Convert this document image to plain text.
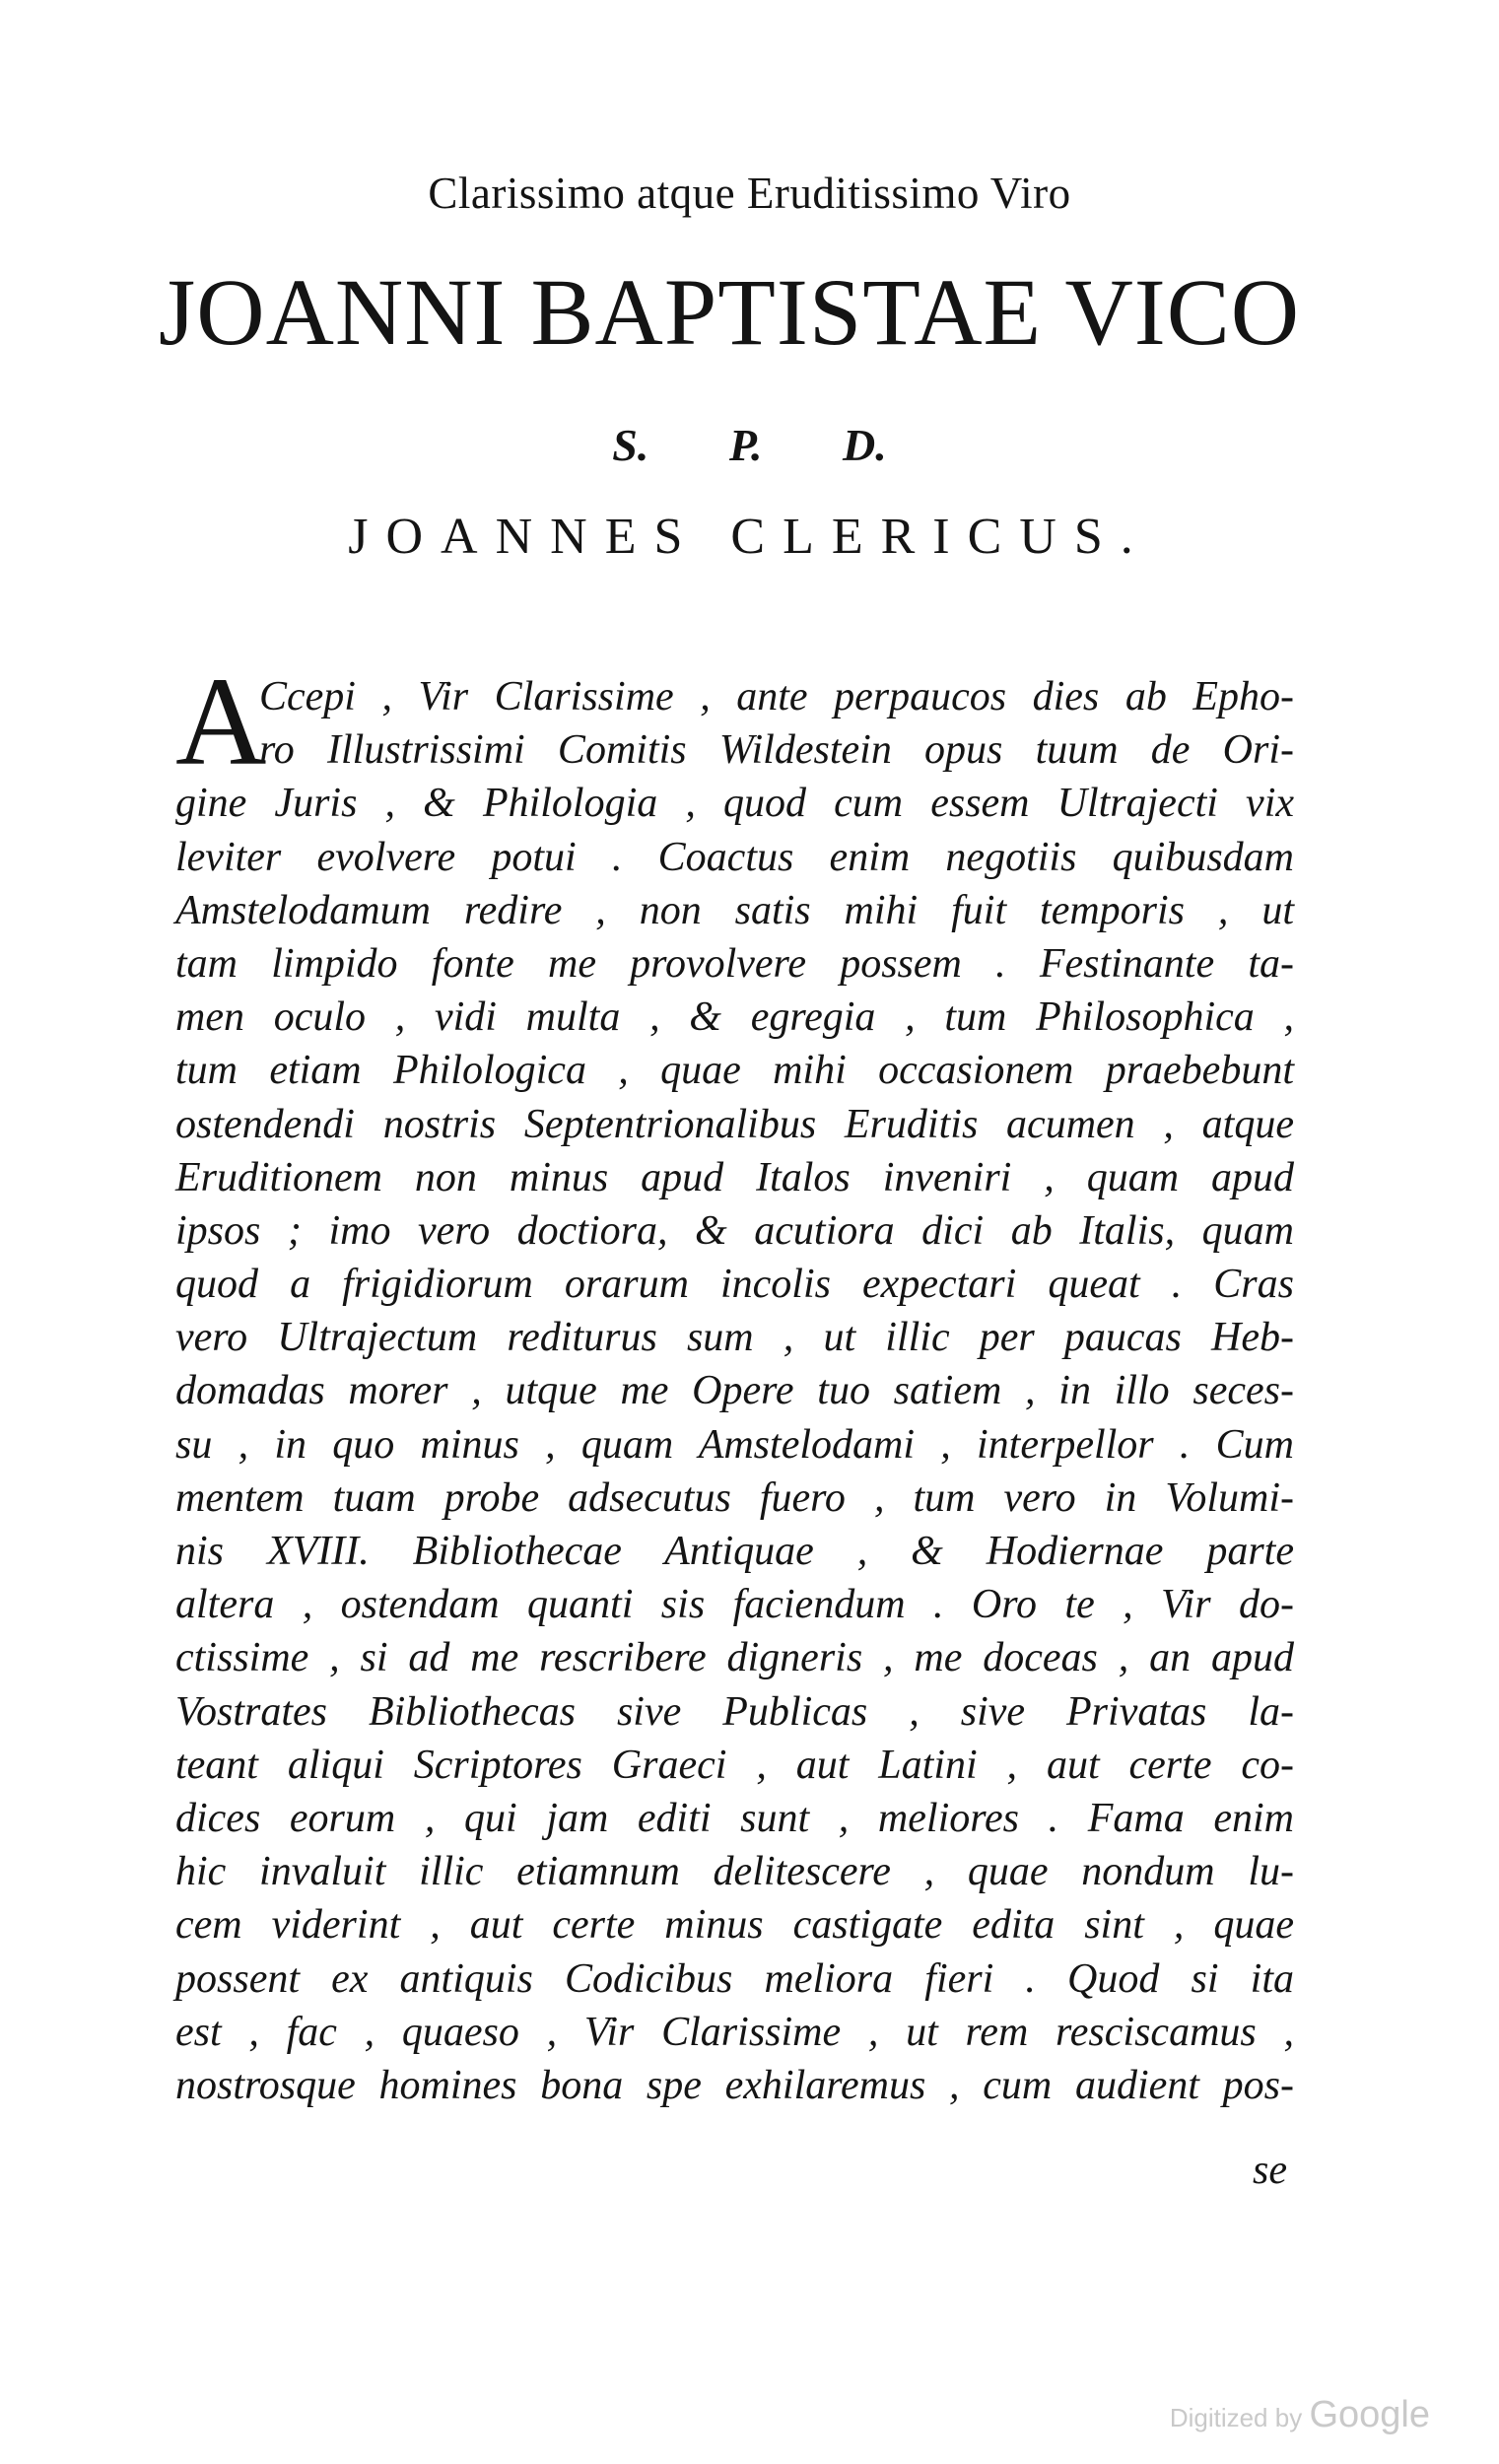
Clarissimo atque Eruditissimo Viro
JOANNI BAPTISTAE VICO
S. P. D.
JOANNES CLERICUS.
A
Ccepi , Vir Clarissime , ante perpaucos dies ab Epho-
ro Illustrissimi Comitis Wildestein opus tuum de Ori-
gine Juris , & Philologia , quod cum essem Ultrajecti vix
leviter evolvere potui . Coactus enim negotiis quibusdam
Amstelodamum redire , non satis mihi fuit temporis , ut
tam limpido fonte me provolvere possem . Festinante ta-
men oculo , vidi multa , & egregia , tum Philosophica ,
tum etiam Philologica , quae mihi occasionem praebebunt
ostendendi nostris Septentrionalibus Eruditis acumen , atque
Eruditionem non minus apud Italos inveniri , quam apud
ipsos ; imo vero doctiora, & acutiora dici ab Italis, quam
quod a frigidiorum orarum incolis expectari queat . Cras
vero Ultrajectum rediturus sum , ut illic per paucas Heb-
domadas morer , utque me Opere tuo satiem , in illo seces-
su , in quo minus , quam Amstelodami , interpellor . Cum
mentem tuam probe adsecutus fuero , tum vero in Volumi-
nis XVIII. Bibliothecae Antiquae , & Hodiernae parte
altera , ostendam quanti sis faciendum . Oro te , Vir do-
ctissime , si ad me rescribere digneris , me doceas , an apud
Vostrates Bibliothecas sive Publicas , sive Privatas la-
teant aliqui Scriptores Graeci , aut Latini , aut certe co-
dices eorum , qui jam editi sunt , meliores . Fama enim
hic invaluit illic etiamnum delitescere , quae nondum lu-
cem viderint , aut certe minus castigate edita sint , quae
possent ex antiquis Codicibus meliora fieri . Quod si ita
est , fac , quaeso , Vir Clarissime , ut rem resciscamus ,
nostrosque homines bona spe exhilaremus , cum audient pos-
se
Digitized by Google
